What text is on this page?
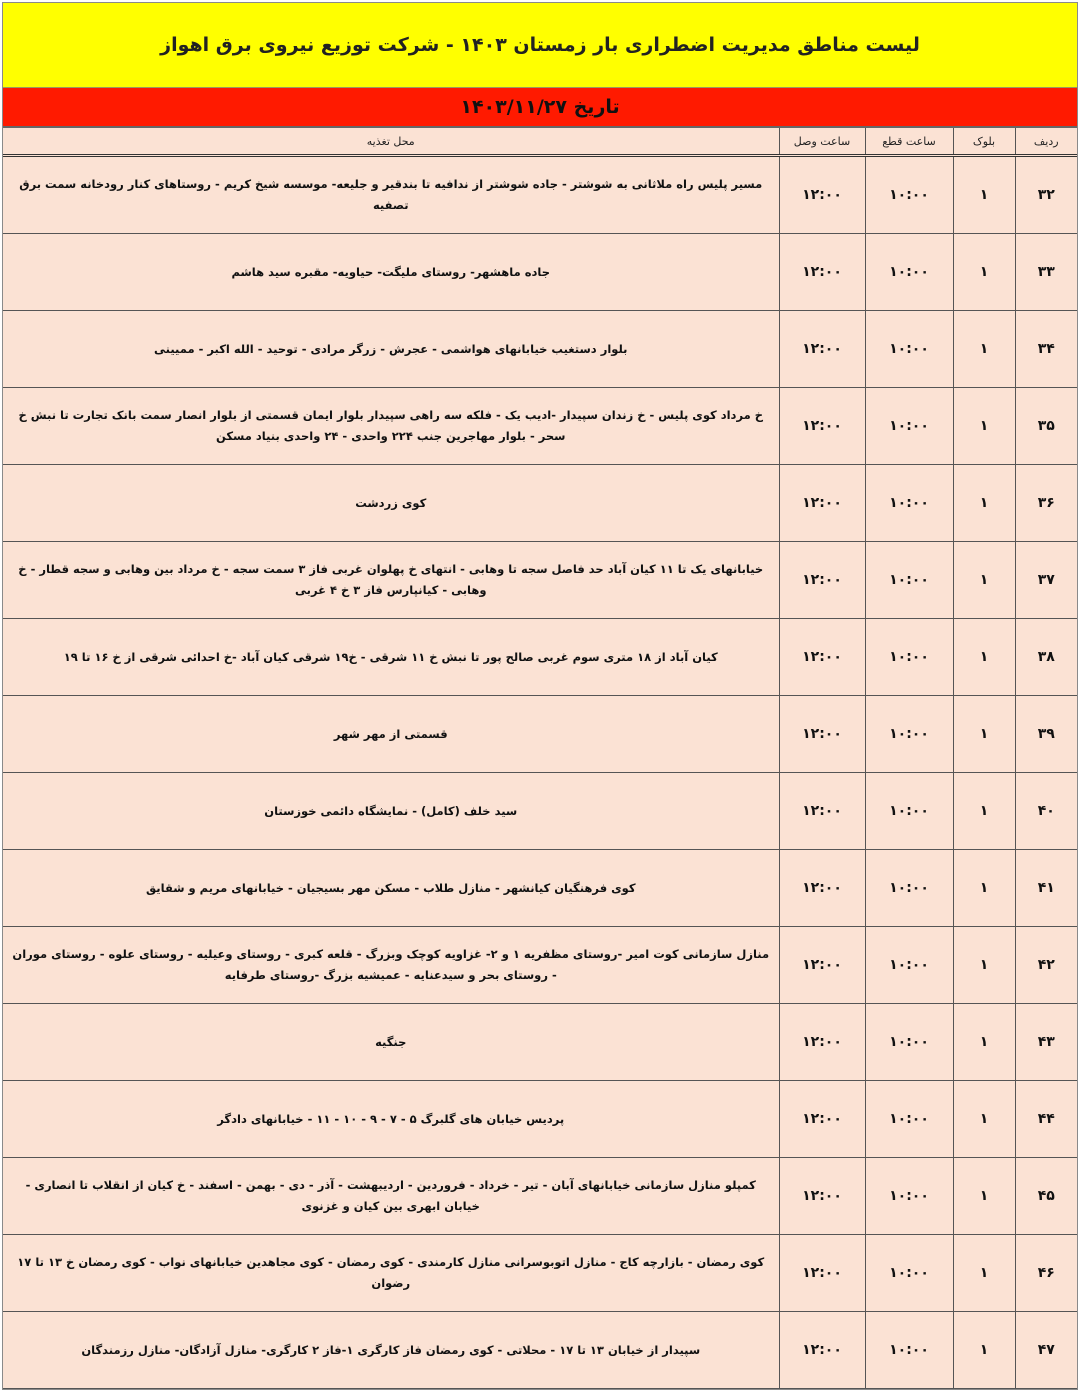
لیست مناطق مدیریت اضطراری بار زمستان ۱۴۰۳ - شرکت توزیع نیروی برق اهواز
تاریخ ۱۴۰۳/۱۱/۲۷
ردیف	بلوک	ساعت قطع	ساعت وصل	محل تغذیه
۳۲	۱	۱۰:۰۰	۱۲:۰۰	مسیر پلیس راه ملاثانی به شوشتر - جاده شوشتر از ندافیه تا بندقیر و جلیعه- موسسه شیخ کریم - روستاهای کنار رودخانه سمت برق تصفیه
۳۳	۱	۱۰:۰۰	۱۲:۰۰	جاده ماهشهر- روستای ملیگت- حیاویه- مقبره سید هاشم
۳۴	۱	۱۰:۰۰	۱۲:۰۰	بلوار دستغیب خیابانهای هواشمی - عجرش - زرگر مرادی - توحید - الله اکبر - ممیینی
۳۵	۱	۱۰:۰۰	۱۲:۰۰	خ مرداد کوی پلیس - خ زندان سپیدار -ادیب یک - فلکه سه راهی سپیدار بلوار ایمان قسمتی از بلوار انصار سمت بانک تجارت تا نبش خ سحر - بلوار مهاجرین جنب ۲۲۴ واحدی - ۲۴ واحدی بنیاد مسکن
۳۶	۱	۱۰:۰۰	۱۲:۰۰	کوی زردشت
۳۷	۱	۱۰:۰۰	۱۲:۰۰	خیابانهای یک تا ۱۱ کیان آباد حد فاصل سجه تا وهابی - انتهای خ پهلوان غربی فاز ۳ سمت سجه - خ مرداد بین وهابی و سجه قطار - خ وهابی - کیانپارس فاز ۳ خ ۴ غربی
۳۸	۱	۱۰:۰۰	۱۲:۰۰	کیان آباد از ۱۸ متری سوم غربی صالح پور تا نبش خ ۱۱ شرقی - خ۱۹ شرقی کیان آباد -خ احدائی شرقی از خ ۱۶ تا ۱۹
۳۹	۱	۱۰:۰۰	۱۲:۰۰	قسمتی از مهر شهر
۴۰	۱	۱۰:۰۰	۱۲:۰۰	سید خلف (کامل) - نمایشگاه دائمی خوزستان
۴۱	۱	۱۰:۰۰	۱۲:۰۰	کوی فرهنگیان کیانشهر - منازل طلاب - مسکن مهر بسیجیان - خیابانهای مریم و شقایق
۴۲	۱	۱۰:۰۰	۱۲:۰۰	منازل سازمانی کوت امیر -روستای مظفریه ۱ و ۲- غزاویه کوچک وبزرگ - قلعه کبری - روستای وعیلیه - روستای علوه - روستای موران - روستای بحر و سیدعنایه - عمیشیه بزرگ -روستای طرفایه
۴۳	۱	۱۰:۰۰	۱۲:۰۰	جنگیه
۴۴	۱	۱۰:۰۰	۱۲:۰۰	پردیس خیابان های گلبرگ ۵ - ۷ - ۹ - ۱۰ - ۱۱ - خیابانهای دادگر
۴۵	۱	۱۰:۰۰	۱۲:۰۰	کمپلو منازل سازمانی خیابانهای آبان - تیر - خرداد - فروردین - اردیبهشت - آذر - دی - بهمن - اسفند - خ کیان از انقلاب تا انصاری - خیابان ابهری بین کیان و غزنوی
۴۶	۱	۱۰:۰۰	۱۲:۰۰	کوی رمضان - بازارچه کاج - منازل اتوبوسرانی منازل کارمندی - کوی رمضان - کوی مجاهدین خیابانهای نواب - کوی رمضان خ ۱۳ تا ۱۷ رضوان
۴۷	۱	۱۰:۰۰	۱۲:۰۰	سپیدار از خیابان ۱۳ تا ۱۷ - محلاتی - کوی رمضان فاز کارگری ۱-فاز ۲ کارگری- منازل آزادگان- منازل رزمندگان
